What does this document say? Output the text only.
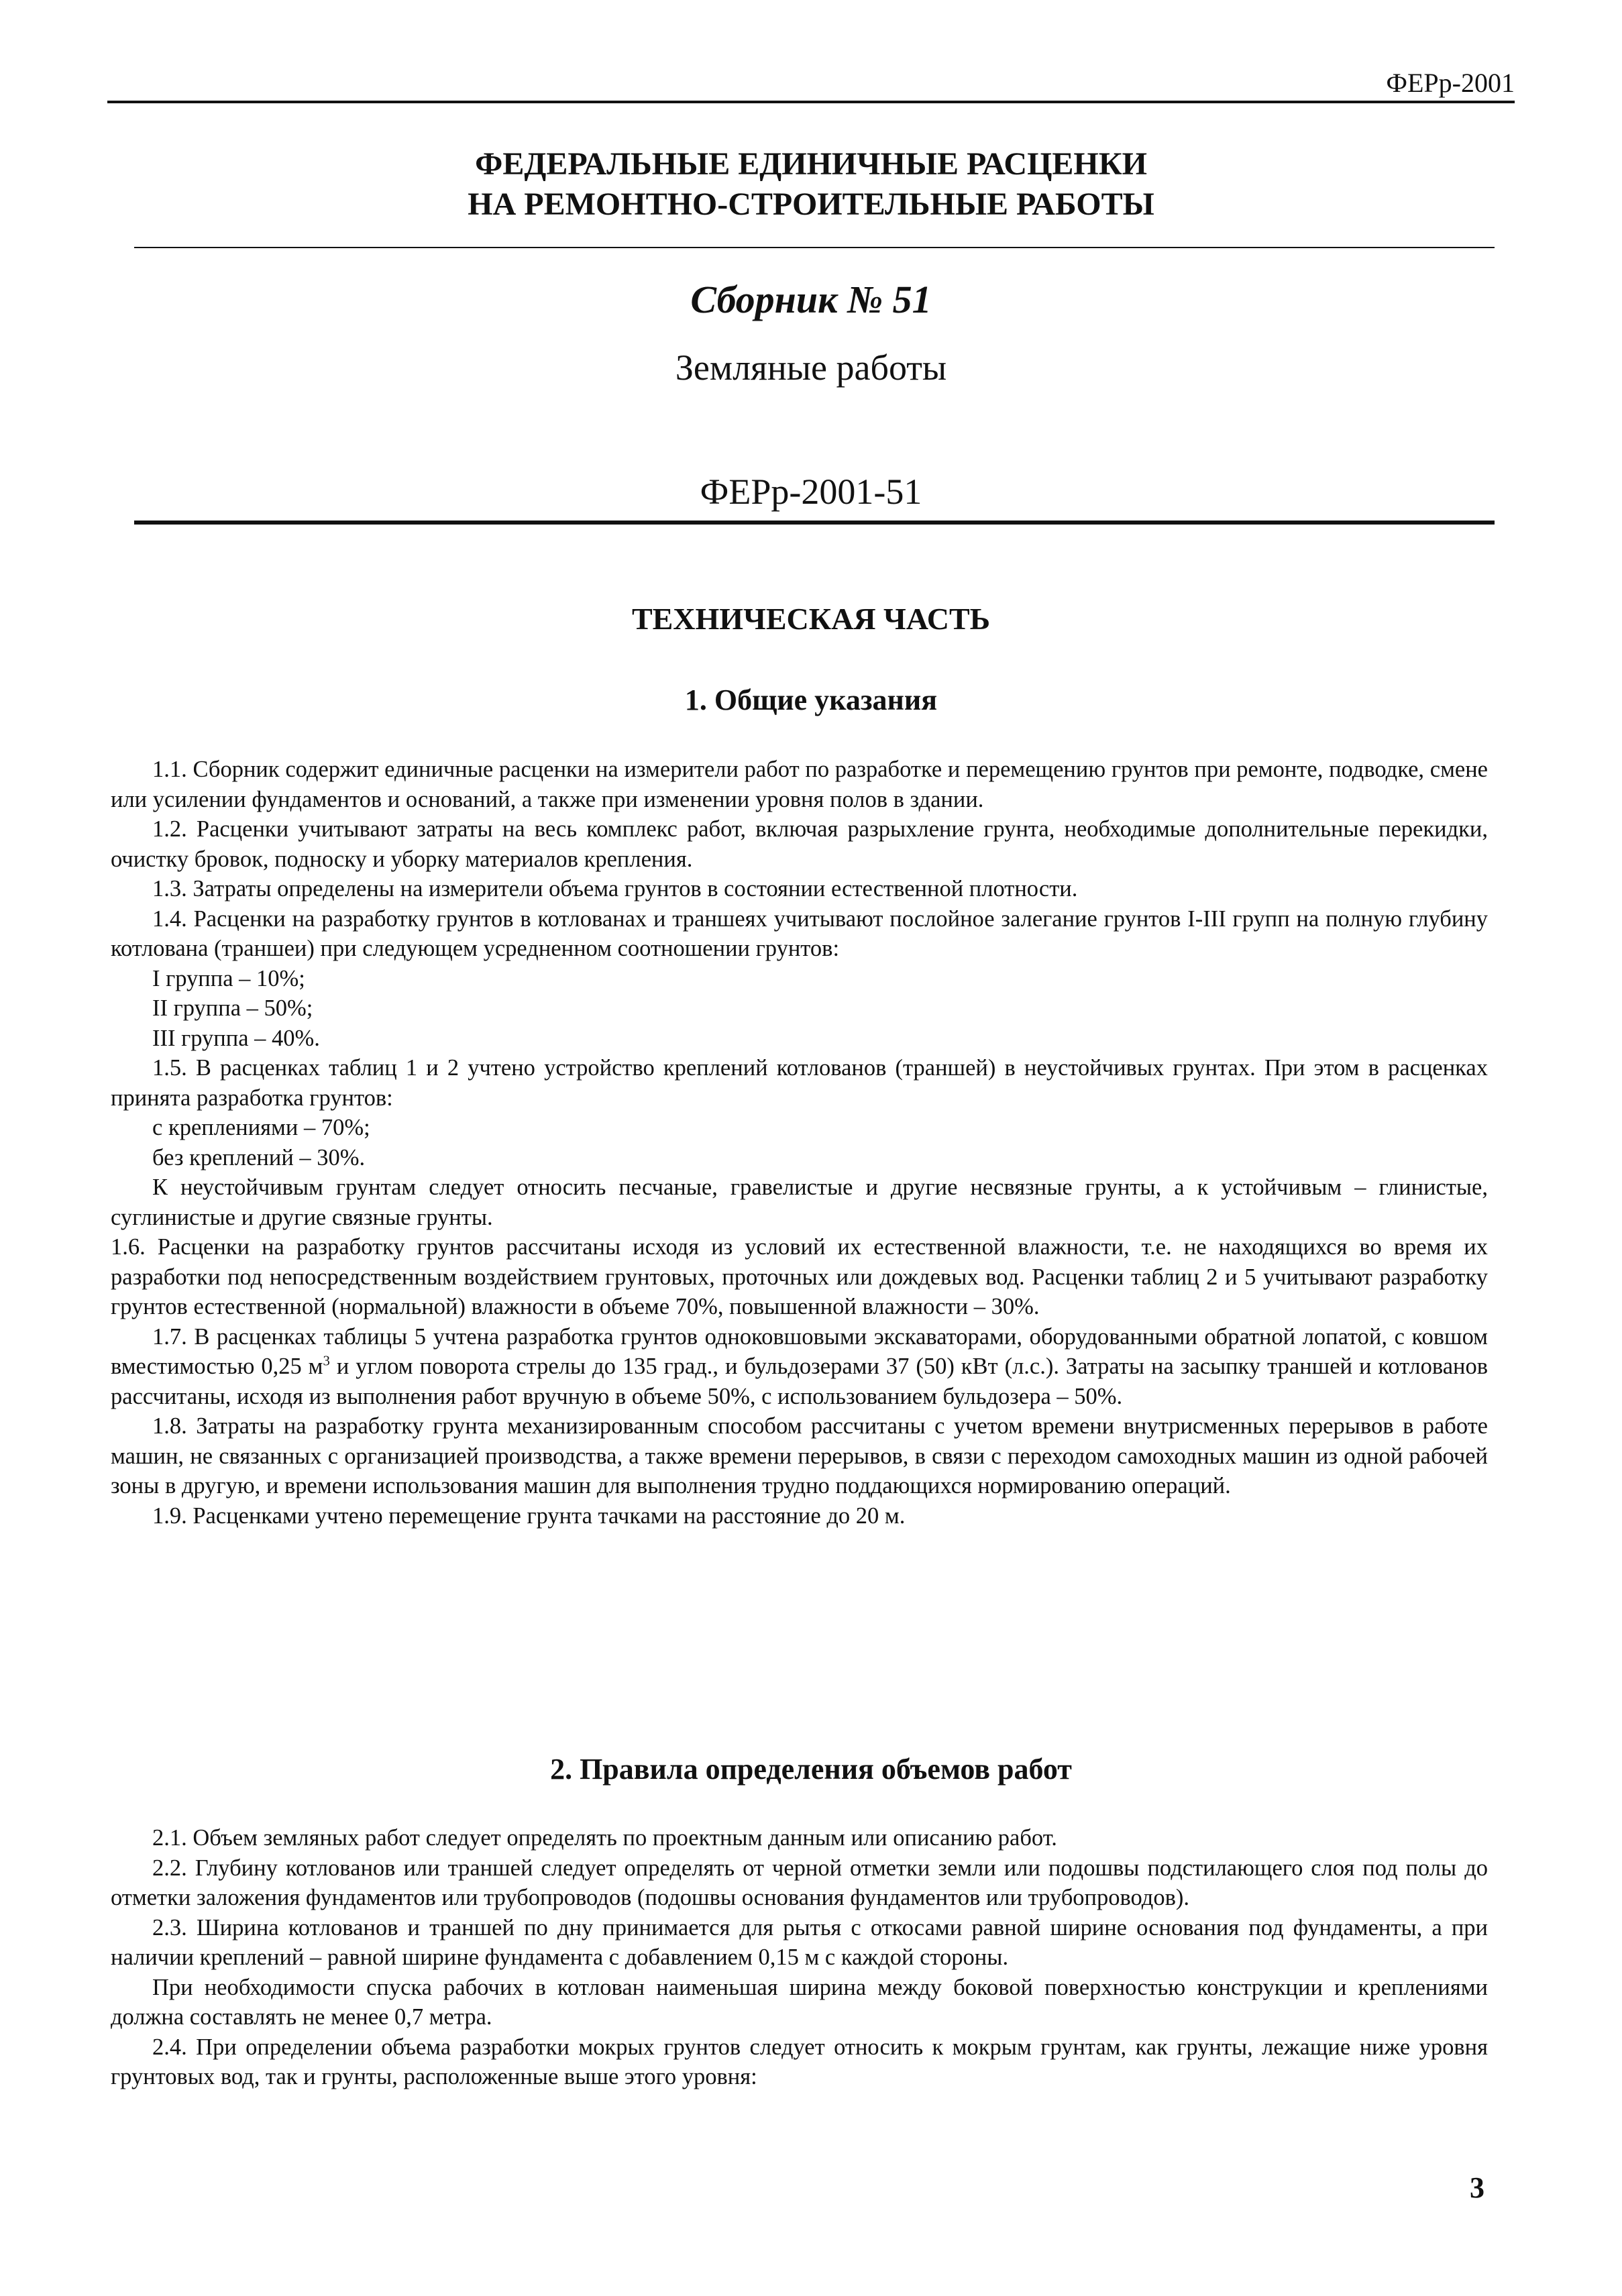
ФЕРр-2001
ФЕДЕРАЛЬНЫЕ ЕДИНИЧНЫЕ РАСЦЕНКИ
НА РЕМОНТНО-СТРОИТЕЛЬНЫЕ РАБОТЫ
Сборник № 51
Земляные работы
ФЕРр-2001-51
ТЕХНИЧЕСКАЯ ЧАСТЬ
1. Общие указания

1.1. Сборник содержит единичные расценки на измерители работ по разработке и перемещению грунтов при ремонте, подводке, смене или усилении фундаментов и оснований, а также при изменении уровня полов в здании.

1.2. Расценки учитывают затраты на весь комплекс работ, включая разрыхление грунта, необходимые дополнительные перекидки, очистку бровок, подноску и уборку материалов крепления.

1.3. Затраты определены на измерители объема грунтов в состоянии естественной плотности.

1.4. Расценки на разработку грунтов в котлованах и траншеях учитывают послойное залегание грунтов I-III групп на полную глубину котлована (траншеи) при следующем усредненном соотношении грунтов:

I группа – 10%;

II группа – 50%;

III группа – 40%.

1.5. В расценках таблиц 1 и 2 учтено устройство креплений котлованов (траншей) в неустойчивых грунтах. При этом в расценках принята разработка грунтов:

с креплениями – 70%;

без креплений – 30%.

К неустойчивым грунтам следует относить песчаные, гравелистые и другие несвязные грунты, а к устойчивым – глинистые, суглинистые и другие связные грунты.

1.6. Расценки на разработку грунтов рассчитаны исходя из условий их естественной влажности, т.е. не находящихся во время их разработки под непосредственным воздействием грунтовых, проточных или дождевых вод. Расценки таблиц 2 и 5 учитывают разработку грунтов естественной (нормальной) влажности в объеме 70%, повышенной влажности – 30%.

1.7. В расценках таблицы 5 учтена разработка грунтов одноковшовыми экскаваторами, оборудованными обратной лопатой, с ковшом вместимостью 0,25 $м^3$ и углом поворота стрелы до 135 град., и бульдозерами 37 (50) кВт (л.с.). Затраты на засыпку траншей и котлованов рассчитаны, исходя из выполнения работ вручную в объеме 50%, с использованием бульдозера – 50%.

1.8. Затраты на разработку грунта механизированным способом рассчитаны с учетом времени внутрисменных перерывов в работе машин, не связанных с организацией производства, а также времени перерывов, в связи с переходом самоходных машин из одной рабочей зоны в другую, и времени использования машин для выполнения трудно поддающихся нормированию операций.

1.9. Расценками учтено перемещение грунта тачками на расстояние до 20 м.

2. Правила определения объемов работ

2.1. Объем земляных работ следует определять по проектным данным или описанию работ.

2.2. Глубину котлованов или траншей следует определять от черной отметки земли или подошвы подстилающего слоя под полы до отметки заложения фундаментов или трубопроводов (подошвы основания фундаментов или трубопроводов).

2.3. Ширина котлованов и траншей по дну принимается для рытья с откосами равной ширине основания под фундаменты, а при наличии креплений – равной ширине фундамента с добавлением 0,15 м с каждой стороны.

При необходимости спуска рабочих в котлован наименьшая ширина между боковой поверхностью конструкции и креплениями должна составлять не менее 0,7 метра.

2.4. При определении объема разработки мокрых грунтов следует относить к мокрым грунтам, как грунты, лежащие ниже уровня грунтовых вод, так и грунты, расположенные выше этого уровня:

3
